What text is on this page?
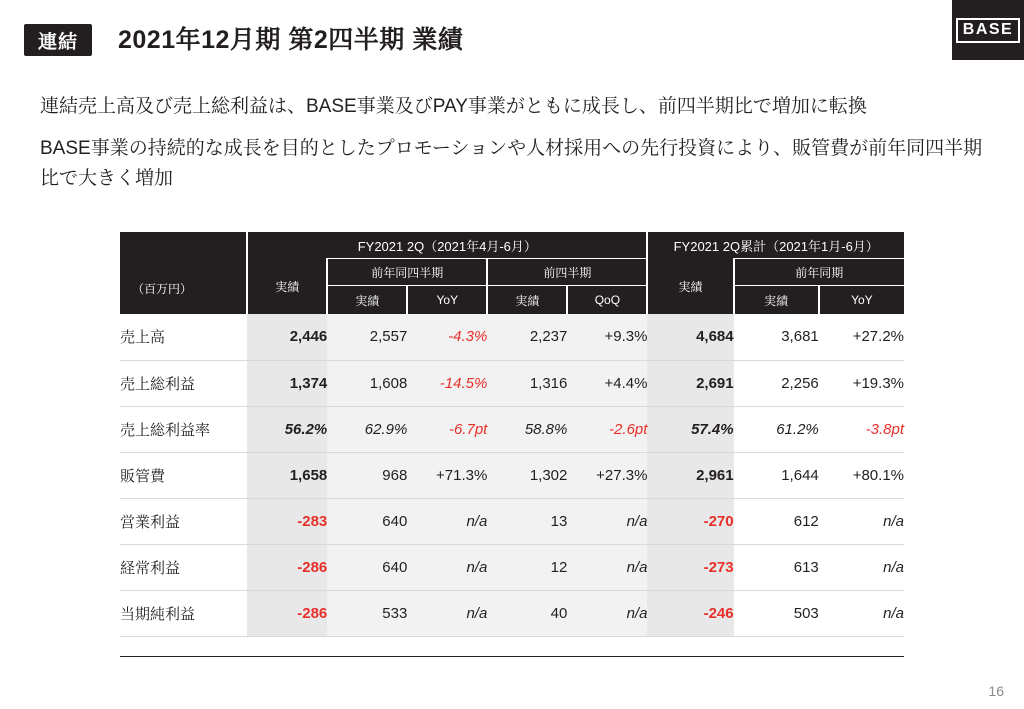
連結	2021年12月期 第2四半期 業績	BASE

連結売上高及び売上総利益は、BASE事業及びPAY事業がともに成長し、前四半期比で増加に転換

BASE事業の持続的な成長を目的としたプロモーションや人材採用への先行投資により、販管費が前年同四半期比で大きく増加

（百万円）	FY2021 2Q（2021年4月-6月）					FY2021 2Q累計（2021年1月-6月）		
	実績	前年同四半期		前四半期		実績	前年同期	
		実績	YoY	実績	QoQ		実績	YoY
売上高	2,446	2,557	-4.3%	2,237	+9.3%	4,684	3,681	+27.2%
売上総利益	1,374	1,608	-14.5%	1,316	+4.4%	2,691	2,256	+19.3%
売上総利益率	56.2%	62.9%	-6.7pt	58.8%	-2.6pt	57.4%	61.2%	-3.8pt
販管費	1,658	968	+71.3%	1,302	+27.3%	2,961	1,644	+80.1%
営業利益	-283	640	n/a	13	n/a	-270	612	n/a
経常利益	-286	640	n/a	12	n/a	-273	613	n/a
当期純利益	-286	533	n/a	40	n/a	-246	503	n/a
16
